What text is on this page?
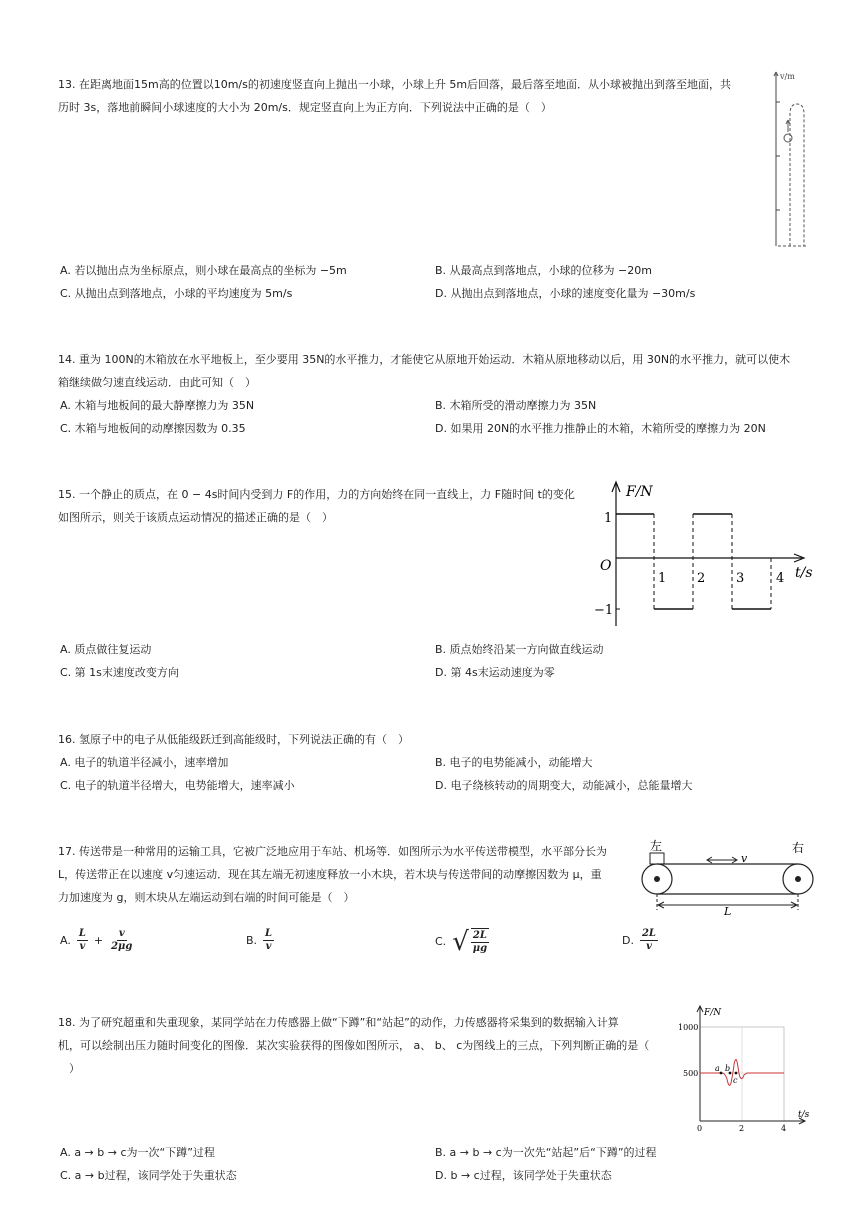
13. 在距离地面15m高的位置以10m/s的初速度竖直向上抛出一小球，小球上升 5m后回落，最后落至地面．从小球被抛出到落至地面，共
历时 3s，落地前瞬间小球速度的大小为 20m/s．规定竖直向上为正方向．下列说法中正确的是（　）
v/m
A. 若以抛出点为坐标原点，则小球在最高点的坐标为 −5m	B. 从最高点到落地点，小球的位移为 −20m
C. 从抛出点到落地点，小球的平均速度为 5m/s	D. 从抛出点到落地点，小球的速度变化量为 −30m/s
14. 重为 100N的木箱放在水平地板上，至少要用 35N的水平推力，才能使它从原地开始运动．木箱从原地移动以后，用 30N的水平推力，就可以使木
箱继续做匀速直线运动．由此可知（　）
A. 木箱与地板间的最大静摩擦力为 35N	B. 木箱所受的滑动摩擦力为 35N
C. 木箱与地板间的动摩擦因数为 0.35	D. 如果用 20N的水平推力推静止的木箱，木箱所受的摩擦力为 20N
15. 一个静止的质点，在 0 − 4s时间内受到力 F的作用，力的方向始终在同一直线上，力 F随时间 t的变化
如图所示，则关于该质点运动情况的描述正确的是（　）
F/N
t/s
O
1
−1
1 2 3 4
A. 质点做往复运动	B. 质点始终沿某一方向做直线运动
C. 第 1s末速度改变方向	D. 第 4s末运动速度为零
16. 氢原子中的电子从低能级跃迁到高能级时，下列说法正确的有（　）
A. 电子的轨道半径减小，速率增加	B. 电子的电势能减小，动能增大
C. 电子的轨道半径增大，电势能增大，速率减小	D. 电子绕核转动的周期变大，动能减小，总能量增大
17. 传送带是一种常用的运输工具，它被广泛地应用于车站、机场等．如图所示为水平传送带模型，水平部分长为
L，传送带正在以速度 v匀速运动．现在其左端无初速度释放一小木块，若木块与传送带间的动摩擦因数为 μ，重
力加速度为 g，则木块从左端运动到右端的时间可能是（　）
左	右
v
L
A. $\frac{L}{v} + \frac{v}{2\mu g}$	B. $\frac{L}{v}$	C. √ $\frac{2L}{\mu g}$	D. $\frac{2L}{v}$
18. 为了研究超重和失重现象，某同学站在力传感器上做“下蹲”和“站起”的动作，力传感器将采集到的数据输入计算
机，可以绘制出压力随时间变化的图像．某次实验获得的图像如图所示， a、 b、 c为图线上的三点，下列判断正确的是（
　）
F/N
t/s
1000
500
0	2	4
a b
c
A. a → b → c为一次“下蹲”过程	B. a → b → c为一次先“站起”后“下蹲”的过程
C. a → b过程，该同学处于失重状态	D. b → c过程，该同学处于失重状态
